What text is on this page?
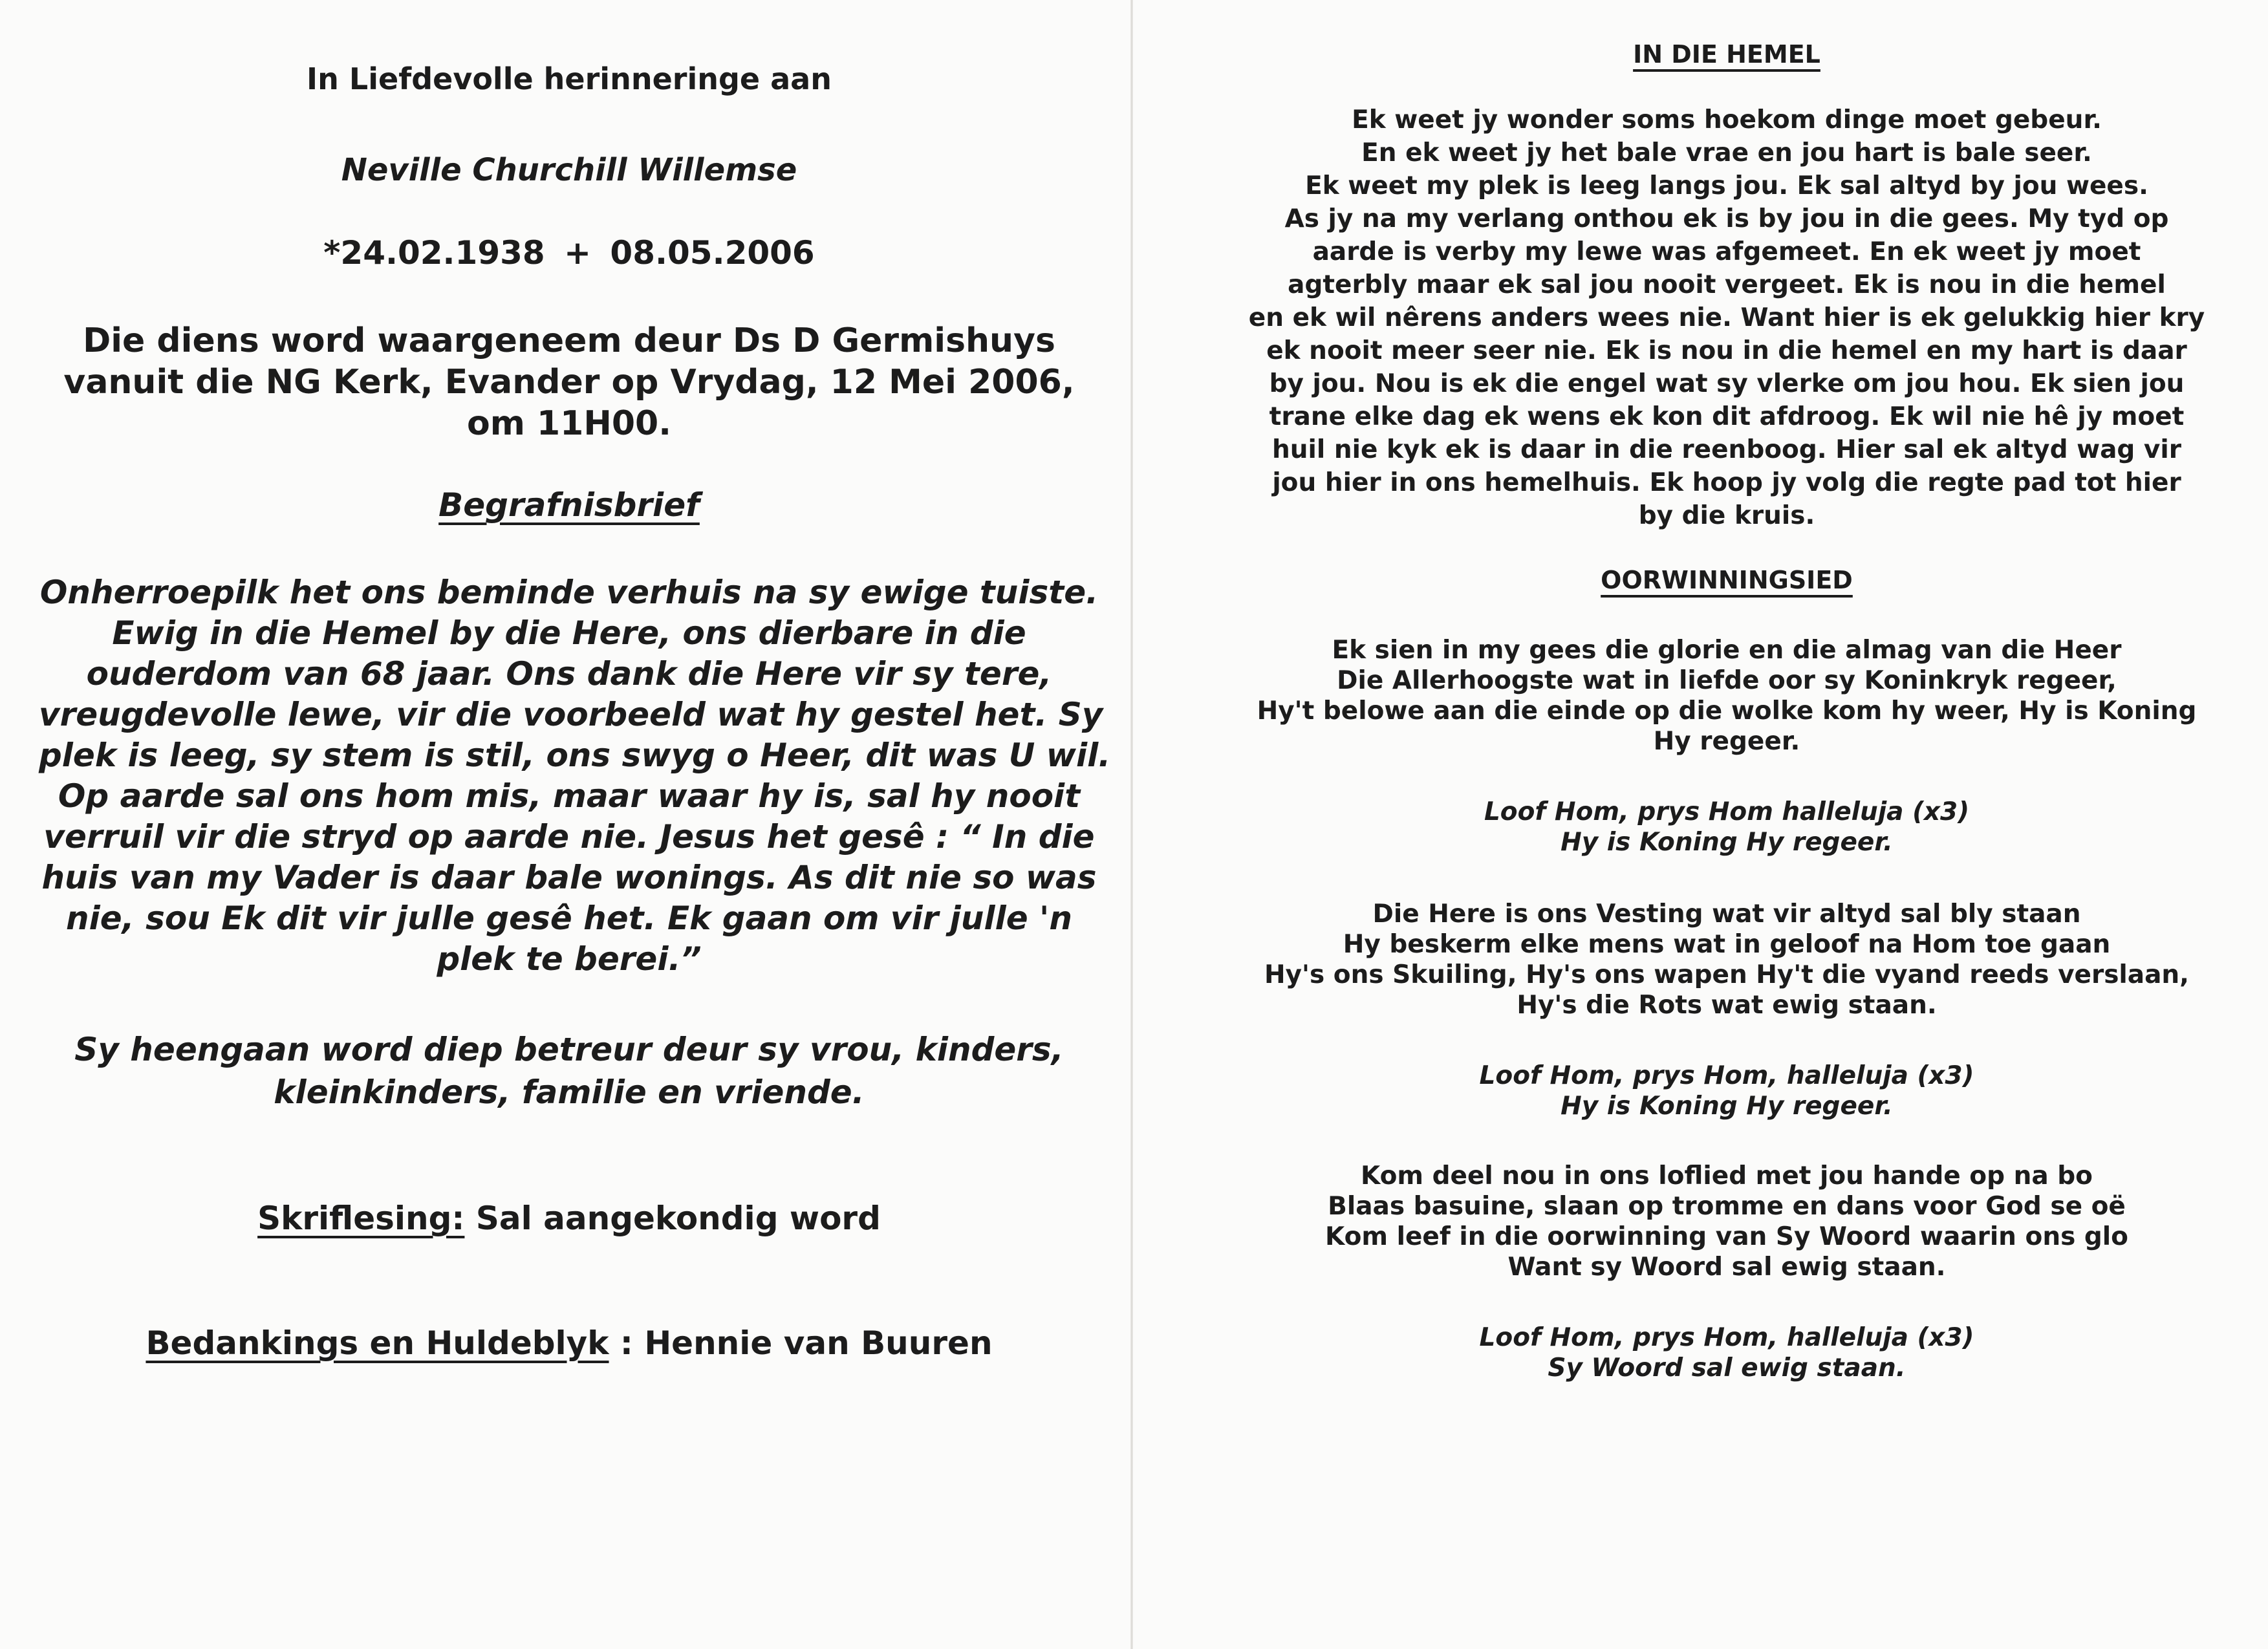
In Liefdevolle herinneringe aan
Neville Churchill Willemse
*24.02.1938 + 08.05.2006
Die diens word waargeneem deur Ds D Germishuys
vanuit die NG Kerk, Evander op Vrydag, 12 Mei 2006,
om 11H00.
Begrafnisbrief
Onherroepilk het ons beminde verhuis na sy ewige tuiste.
Ewig in die Hemel by die Here, ons dierbare in die
ouderdom van 68 jaar. Ons dank die Here vir sy tere,
vreugdevolle lewe, vir die voorbeeld wat hy gestel het. Sy
plek is leeg, sy stem is stil, ons swyg o Heer, dit was U wil.
Op aarde sal ons hom mis, maar waar hy is, sal hy nooit
verruil vir die stryd op aarde nie. Jesus het gesê : “ In die
huis van my Vader is daar bale wonings. As dit nie so was
nie, sou Ek dit vir julle gesê het. Ek gaan om vir julle 'n
plek te berei.”
Sy heengaan word diep betreur deur sy vrou, kinders,
kleinkinders, familie en vriende.
Skriflesing: Sal aangekondig word
Bedankings en Huldeblyk : Hennie van Buuren
IN DIE HEMEL
Ek weet jy wonder soms hoekom dinge moet gebeur.
En ek weet jy het bale vrae en jou hart is bale seer.
Ek weet my plek is leeg langs jou. Ek sal altyd by jou wees.
As jy na my verlang onthou ek is by jou in die gees. My tyd op
aarde is verby my lewe was afgemeet. En ek weet jy moet
agterbly maar ek sal jou nooit vergeet. Ek is nou in die hemel
en ek wil nêrens anders wees nie. Want hier is ek gelukkig hier kry
ek nooit meer seer nie. Ek is nou in die hemel en my hart is daar
by jou. Nou is ek die engel wat sy vlerke om jou hou. Ek sien jou
trane elke dag ek wens ek kon dit afdroog. Ek wil nie hê jy moet
huil nie kyk ek is daar in die reenboog. Hier sal ek altyd wag vir
jou hier in ons hemelhuis. Ek hoop jy volg die regte pad tot hier
by die kruis.
OORWINNINGSIED
Ek sien in my gees die glorie en die almag van die Heer
Die Allerhoogste wat in liefde oor sy Koninkryk regeer,
Hy't belowe aan die einde op die wolke kom hy weer, Hy is Koning
Hy regeer.
Loof Hom, prys Hom halleluja (x3)
Hy is Koning Hy regeer.
Die Here is ons Vesting wat vir altyd sal bly staan
Hy beskerm elke mens wat in geloof na Hom toe gaan
Hy's ons Skuiling, Hy's ons wapen Hy't die vyand reeds verslaan,
Hy's die Rots wat ewig staan.
Loof Hom, prys Hom, halleluja (x3)
Hy is Koning Hy regeer.
Kom deel nou in ons loflied met jou hande op na bo
Blaas basuine, slaan op tromme en dans voor God se oë
Kom leef in die oorwinning van Sy Woord waarin ons glo
Want sy Woord sal ewig staan.
Loof Hom, prys Hom, halleluja (x3)
Sy Woord sal ewig staan.
